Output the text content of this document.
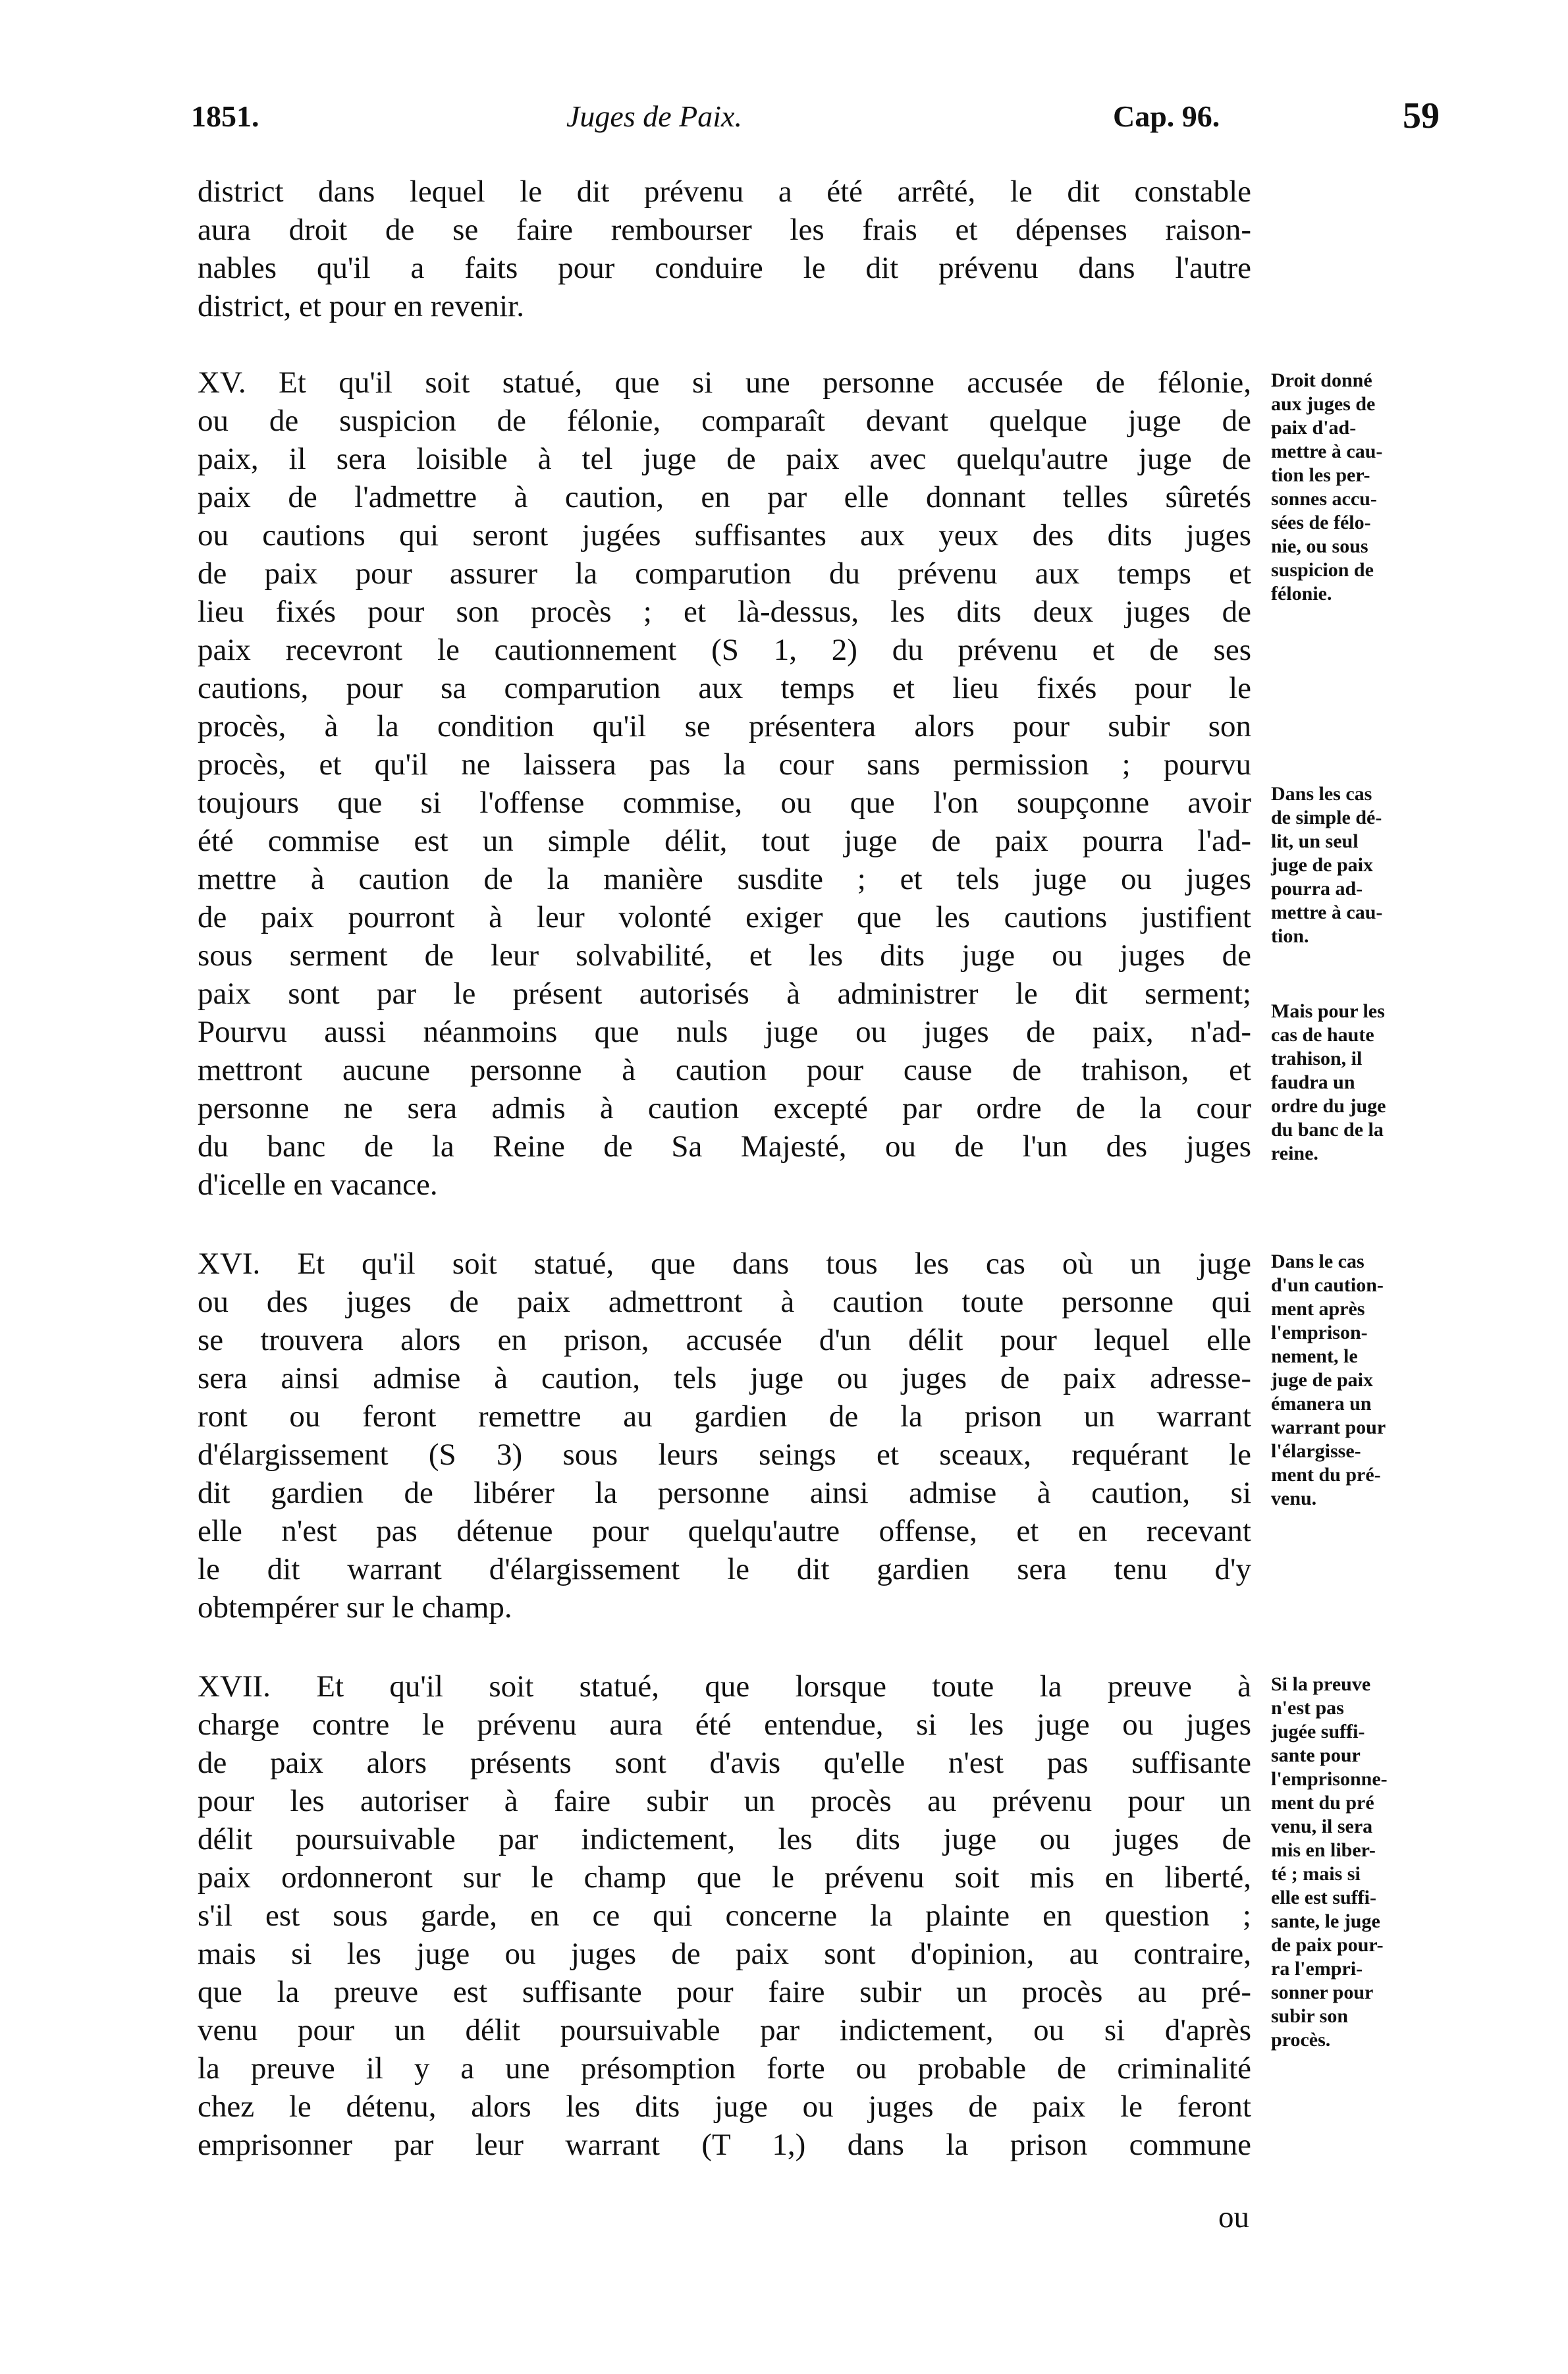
1851.	Juges de Paix.	Cap. 96.	59
district dans lequel le dit prévenu a été arrêté, le dit constable
aura droit de se faire rembourser les frais et dépenses raison-
nables qu'il a faits pour conduire le dit prévenu dans l'autre
district, et pour en revenir.
XV. Et qu'il soit statué, que si une personne accusée de félonie,
ou de suspicion de félonie, comparaît devant quelque juge de
paix, il sera loisible à tel juge de paix avec quelqu'autre juge de
paix de l'admettre à caution, en par elle donnant telles sûretés
ou cautions qui seront jugées suffisantes aux yeux des dits juges
de paix pour assurer la comparution du prévenu aux temps et
lieu fixés pour son procès ; et là-dessus, les dits deux juges de
paix recevront le cautionnement (S 1, 2) du prévenu et de ses
cautions, pour sa comparution aux temps et lieu fixés pour le
procès, à la condition qu'il se présentera alors pour subir son
procès, et qu'il ne laissera pas la cour sans permission ; pourvu
toujours que si l'offense commise, ou que l'on soupçonne avoir
été commise est un simple délit, tout juge de paix pourra l'ad-
mettre à caution de la manière susdite ; et tels juge ou juges
de paix pourront à leur volonté exiger que les cautions justifient
sous serment de leur solvabilité, et les dits juge ou juges de
paix sont par le présent autorisés à administrer le dit serment;
Pourvu aussi néanmoins que nuls juge ou juges de paix, n'ad-
mettront aucune personne à caution pour cause de trahison, et
personne ne sera admis à caution excepté par ordre de la cour
du banc de la Reine de Sa Majesté, ou de l'un des juges
d'icelle en vacance.
XVI. Et qu'il soit statué, que dans tous les cas où un juge
ou des juges de paix admettront à caution toute personne qui
se trouvera alors en prison, accusée d'un délit pour lequel elle
sera ainsi admise à caution, tels juge ou juges de paix adresse-
ront ou feront remettre au gardien de la prison un warrant
d'élargissement (S 3) sous leurs seings et sceaux, requérant le
dit gardien de libérer la personne ainsi admise à caution, si
elle n'est pas détenue pour quelqu'autre offense, et en recevant
le dit warrant d'élargissement le dit gardien sera tenu d'y
obtempérer sur le champ.
XVII. Et qu'il soit statué, que lorsque toute la preuve à
charge contre le prévenu aura été entendue, si les juge ou juges
de paix alors présents sont d'avis qu'elle n'est pas suffisante
pour les autoriser à faire subir un procès au prévenu pour un
délit poursuivable par indictement, les dits juge ou juges de
paix ordonneront sur le champ que le prévenu soit mis en liberté,
s'il est sous garde, en ce qui concerne la plainte en question ;
mais si les juge ou juges de paix sont d'opinion, au contraire,
que la preuve est suffisante pour faire subir un procès au pré-
venu pour un délit poursuivable par indictement, ou si d'après
la preuve il y a une présomption forte ou probable de criminalité
chez le détenu, alors les dits juge ou juges de paix le feront
emprisonner par leur warrant (T 1,) dans la prison commune
ou
Droit donné
aux juges de
paix d'ad-
mettre à cau-
tion les per-
sonnes accu-
sées de félo-
nie, ou sous
suspicion de
félonie.
Dans les cas
de simple dé-
lit, un seul
juge de paix
pourra ad-
mettre à cau-
tion.
Mais pour les
cas de haute
trahison, il
faudra un
ordre du juge
du banc de la
reine.
Dans le cas
d'un caution-
ment après
l'emprison-
nement, le
juge de paix
émanera un
warrant pour
l'élargisse-
ment du pré-
venu.
Si la preuve
n'est pas
jugée suffi-
sante pour
l'emprisonne-
ment du pré
venu, il sera
mis en liber-
té ; mais si
elle est suffi-
sante, le juge
de paix pour-
ra l'empri-
sonner pour
subir son
procès.
